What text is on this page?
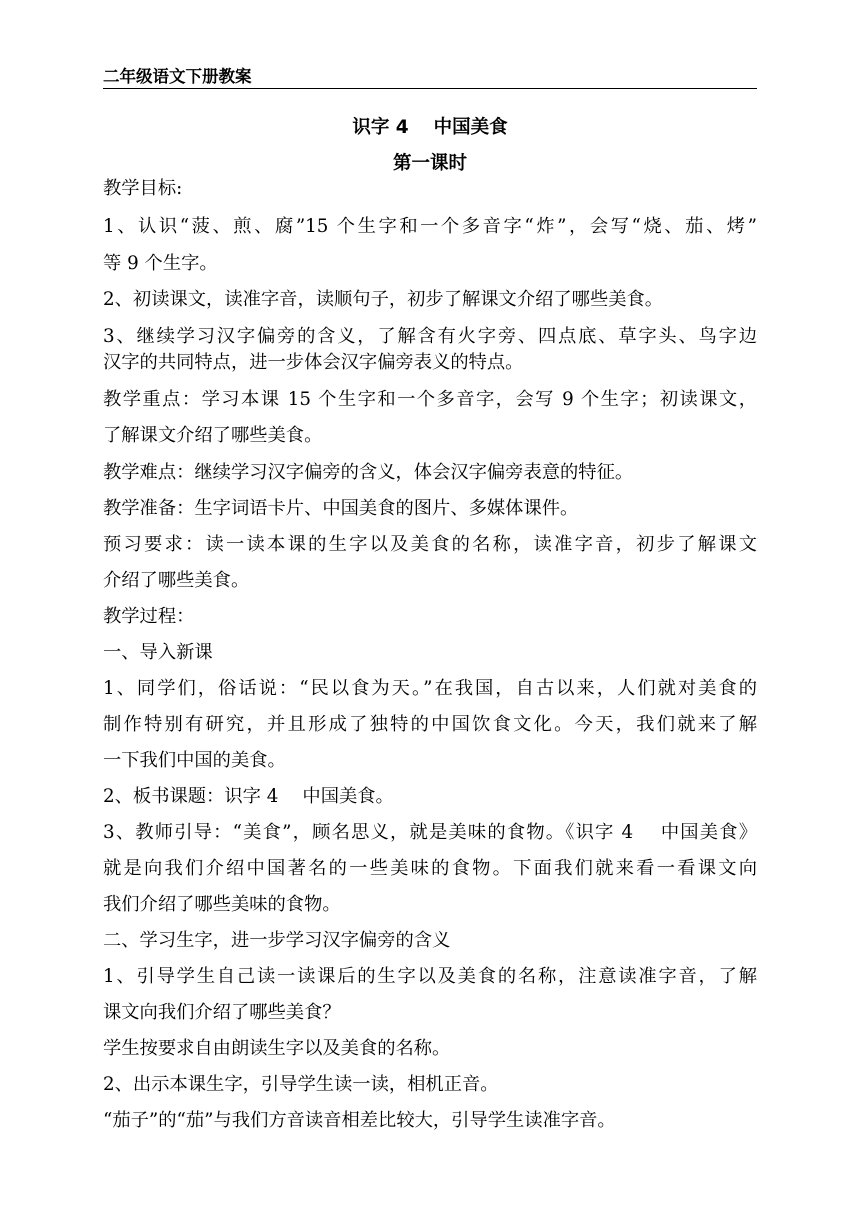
二年级语文下册教案
识字 4　 中国美食
第一课时
教学目标:
1、认识“菠、煎、腐”15 个生字和一个多音字“炸”，会写“烧、茄、烤”
等 9 个生字。
2、初读课文，读准字音，读顺句子，初步了解课文介绍了哪些美食。
3、继续学习汉字偏旁的含义，了解含有火字旁、四点底、草字头、鸟字边
汉字的共同特点，进一步体会汉字偏旁表义的特点。
教学重点：学习本课 15 个生字和一个多音字，会写 9 个生字；初读课文，
了解课文介绍了哪些美食。
教学难点：继续学习汉字偏旁的含义，体会汉字偏旁表意的特征。
教学准备：生字词语卡片、中国美食的图片、多媒体课件。
预习要求：读一读本课的生字以及美食的名称，读准字音，初步了解课文
介绍了哪些美食。
教学过程：
一、导入新课
1、同学们，俗话说：“民以食为天。”在我国，自古以来，人们就对美食的
制作特别有研究，并且形成了独特的中国饮食文化。今天，我们就来了解
一下我们中国的美食。
2、板书课题：识字 4　 中国美食。
3、教师引导：“美食”，顾名思义，就是美味的食物。《识字 4　 中国美食》
就是向我们介绍中国著名的一些美味的食物。下面我们就来看一看课文向
我们介绍了哪些美味的食物。
二、学习生字，进一步学习汉字偏旁的含义
1、引导学生自己读一读课后的生字以及美食的名称，注意读准字音，了解
课文向我们介绍了哪些美食？
学生按要求自由朗读生字以及美食的名称。
2、出示本课生字，引导学生读一读，相机正音。
“茄子”的“茄”与我们方音读音相差比较大，引导学生读准字音。
